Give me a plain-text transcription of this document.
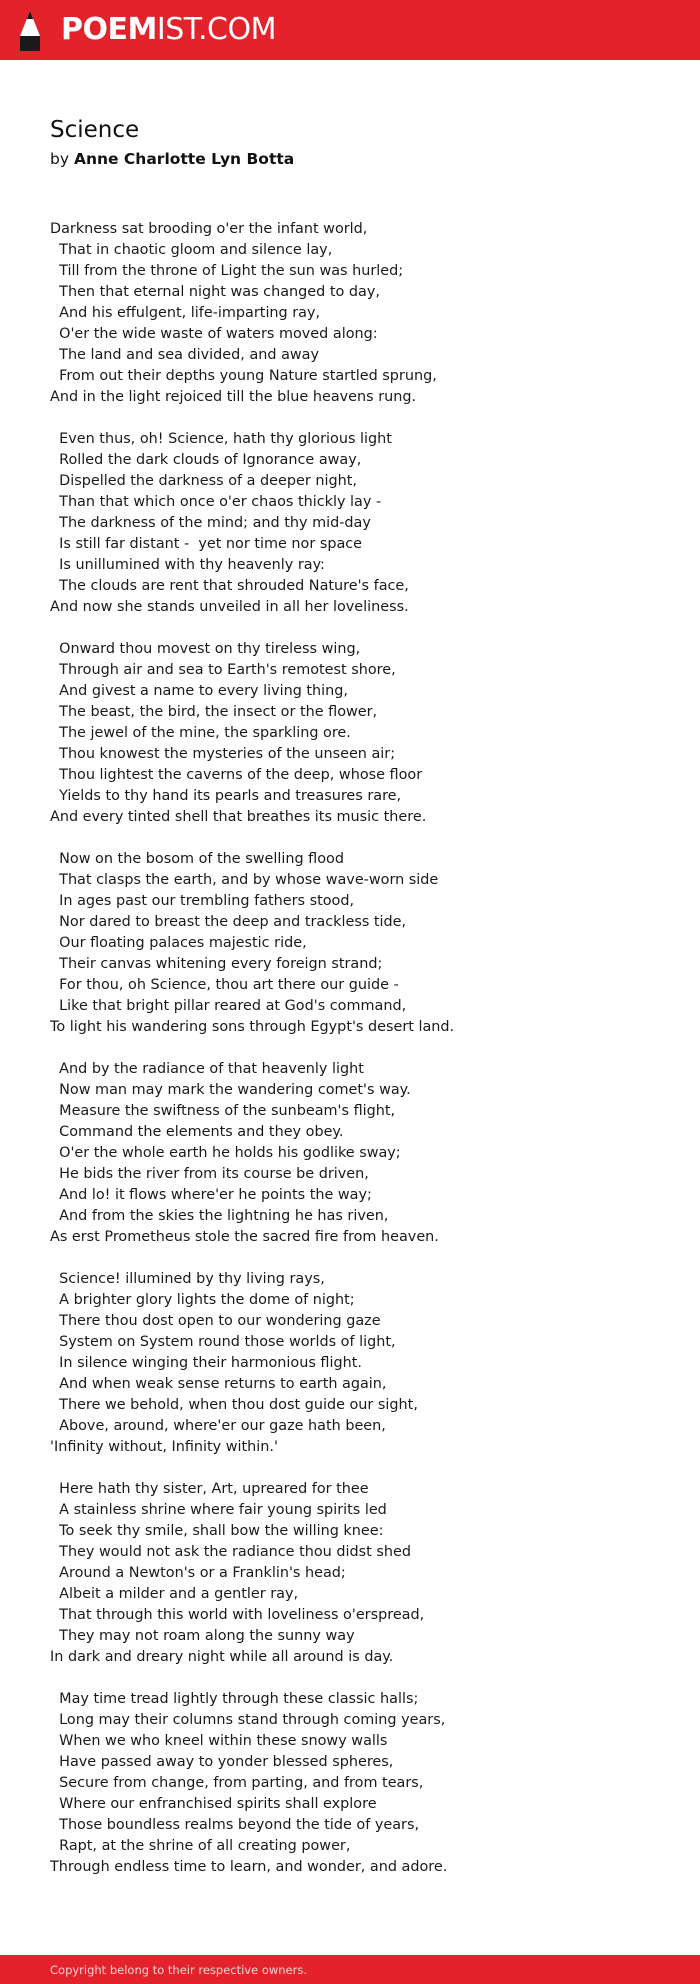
POEMIST.COM
Science
by Anne Charlotte Lyn Botta
Darkness sat brooding o'er the infant world,
That in chaotic gloom and silence lay,
Till from the throne of Light the sun was hurled;
Then that eternal night was changed to day,
And his effulgent, life-imparting ray,
O'er the wide waste of waters moved along:
The land and sea divided, and away
From out their depths young Nature startled sprung,
And in the light rejoiced till the blue heavens rung.
Even thus, oh! Science, hath thy glorious light
Rolled the dark clouds of Ignorance away,
Dispelled the darkness of a deeper night,
Than that which once o'er chaos thickly lay -
The darkness of the mind; and thy mid-day
Is still far distant -  yet nor time nor space
Is unillumined with thy heavenly ray:
The clouds are rent that shrouded Nature's face,
And now she stands unveiled in all her loveliness.
Onward thou movest on thy tireless wing,
Through air and sea to Earth's remotest shore,
And givest a name to every living thing,
The beast, the bird, the insect or the flower,
The jewel of the mine, the sparkling ore.
Thou knowest the mysteries of the unseen air;
Thou lightest the caverns of the deep, whose floor
Yields to thy hand its pearls and treasures rare,
And every tinted shell that breathes its music there.
Now on the bosom of the swelling flood
That clasps the earth, and by whose wave-worn side
In ages past our trembling fathers stood,
Nor dared to breast the deep and trackless tide,
Our floating palaces majestic ride,
Their canvas whitening every foreign strand;
For thou, oh Science, thou art there our guide -
Like that bright pillar reared at God's command,
To light his wandering sons through Egypt's desert land.
And by the radiance of that heavenly light
Now man may mark the wandering comet's way.
Measure the swiftness of the sunbeam's flight,
Command the elements and they obey.
O'er the whole earth he holds his godlike sway;
He bids the river from its course be driven,
And lo! it flows where'er he points the way;
And from the skies the lightning he has riven,
As erst Prometheus stole the sacred fire from heaven.
Science! illumined by thy living rays,
A brighter glory lights the dome of night;
There thou dost open to our wondering gaze
System on System round those worlds of light,
In silence winging their harmonious flight.
And when weak sense returns to earth again,
There we behold, when thou dost guide our sight,
Above, around, where'er our gaze hath been,
'Infinity without, Infinity within.'
Here hath thy sister, Art, upreared for thee
A stainless shrine where fair young spirits led
To seek thy smile, shall bow the willing knee:
They would not ask the radiance thou didst shed
Around a Newton's or a Franklin's head;
Albeit a milder and a gentler ray,
That through this world with loveliness o'erspread,
They may not roam along the sunny way
In dark and dreary night while all around is day.
May time tread lightly through these classic halls;
Long may their columns stand through coming years,
When we who kneel within these snowy walls
Have passed away to yonder blessed spheres,
Secure from change, from parting, and from tears,
Where our enfranchised spirits shall explore
Those boundless realms beyond the tide of years,
Rapt, at the shrine of all creating power,
Through endless time to learn, and wonder, and adore.
Copyright belong to their respective owners.
